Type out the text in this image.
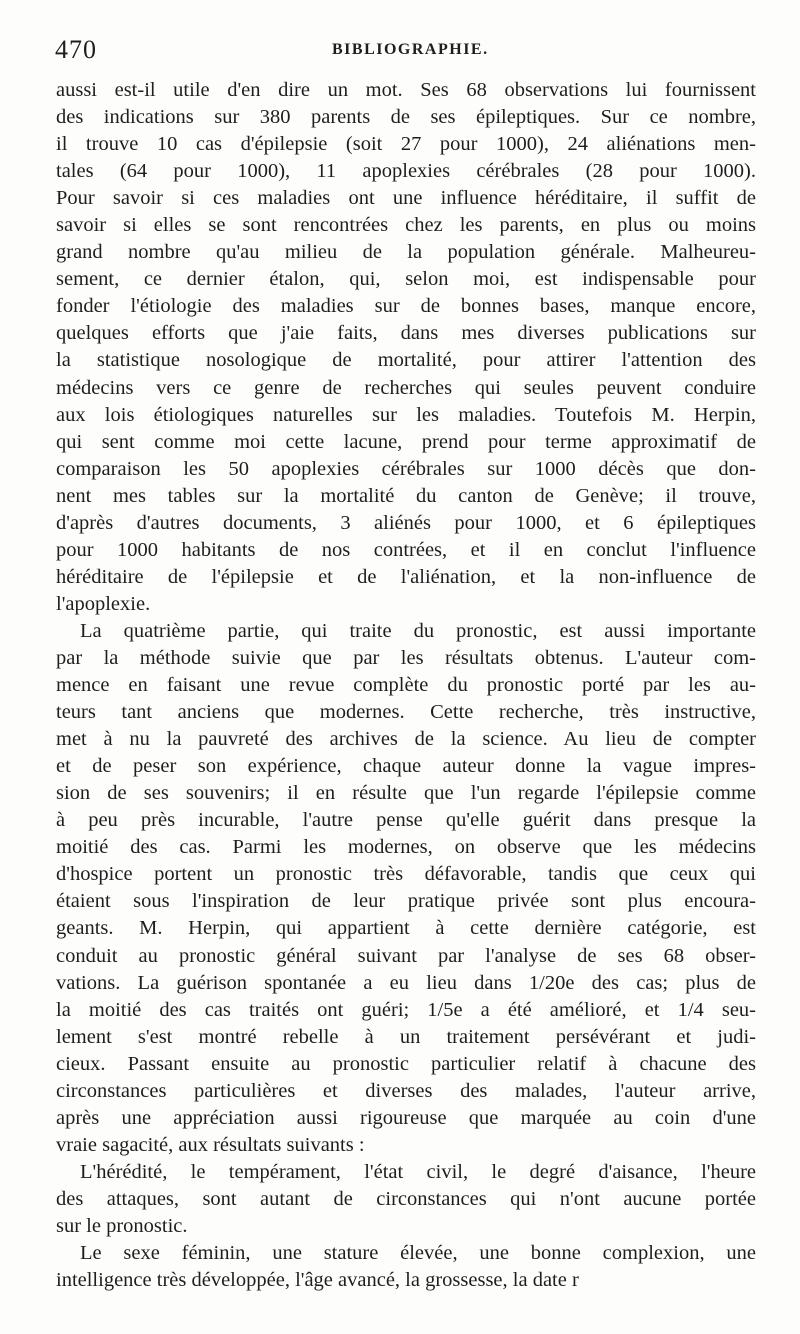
470	BIBLIOGRAPHIE.
aussi est-il utile d'en dire un mot. Ses 68 observations lui fournissent
des indications sur 380 parents de ses épileptiques. Sur ce nombre,
il trouve 10 cas d'épilepsie (soit 27 pour 1000), 24 aliénations men-
tales (64 pour 1000), 11 apoplexies cérébrales (28 pour 1000).
Pour savoir si ces maladies ont une influence héréditaire, il suffit de
savoir si elles se sont rencontrées chez les parents, en plus ou moins
grand nombre qu'au milieu de la population générale. Malheureu-
sement, ce dernier étalon, qui, selon moi, est indispensable pour
fonder l'étiologie des maladies sur de bonnes bases, manque encore,
quelques efforts que j'aie faits, dans mes diverses publications sur
la statistique nosologique de mortalité, pour attirer l'attention des
médecins vers ce genre de recherches qui seules peuvent conduire
aux lois étiologiques naturelles sur les maladies. Toutefois M. Herpin,
qui sent comme moi cette lacune, prend pour terme approximatif de
comparaison les 50 apoplexies cérébrales sur 1000 décès que don-
nent mes tables sur la mortalité du canton de Genève; il trouve,
d'après d'autres documents, 3 aliénés pour 1000, et 6 épileptiques
pour 1000 habitants de nos contrées, et il en conclut l'influence
héréditaire de l'épilepsie et de l'aliénation, et la non-influence de
l'apoplexie.
La quatrième partie, qui traite du pronostic, est aussi importante
par la méthode suivie que par les résultats obtenus. L'auteur com-
mence en faisant une revue complète du pronostic porté par les au-
teurs tant anciens que modernes. Cette recherche, très instructive,
met à nu la pauvreté des archives de la science. Au lieu de compter
et de peser son expérience, chaque auteur donne la vague impres-
sion de ses souvenirs; il en résulte que l'un regarde l'épilepsie comme
à peu près incurable, l'autre pense qu'elle guérit dans presque la
moitié des cas. Parmi les modernes, on observe que les médecins
d'hospice portent un pronostic très défavorable, tandis que ceux qui
étaient sous l'inspiration de leur pratique privée sont plus encoura-
geants. M. Herpin, qui appartient à cette dernière catégorie, est
conduit au pronostic général suivant par l'analyse de ses 68 obser-
vations. La guérison spontanée a eu lieu dans 1/20e des cas; plus de
la moitié des cas traités ont guéri; 1/5e a été amélioré, et 1/4 seu-
lement s'est montré rebelle à un traitement persévérant et judi-
cieux. Passant ensuite au pronostic particulier relatif à chacune des
circonstances particulières et diverses des malades, l'auteur arrive,
après une appréciation aussi rigoureuse que marquée au coin d'une
vraie sagacité, aux résultats suivants :
L'hérédité, le tempérament, l'état civil, le degré d'aisance, l'heure
des attaques, sont autant de circonstances qui n'ont aucune portée
sur le pronostic.
Le sexe féminin, une stature élevée, une bonne complexion, une
intelligence très développée, l'âge avancé, la grossesse, la date r
